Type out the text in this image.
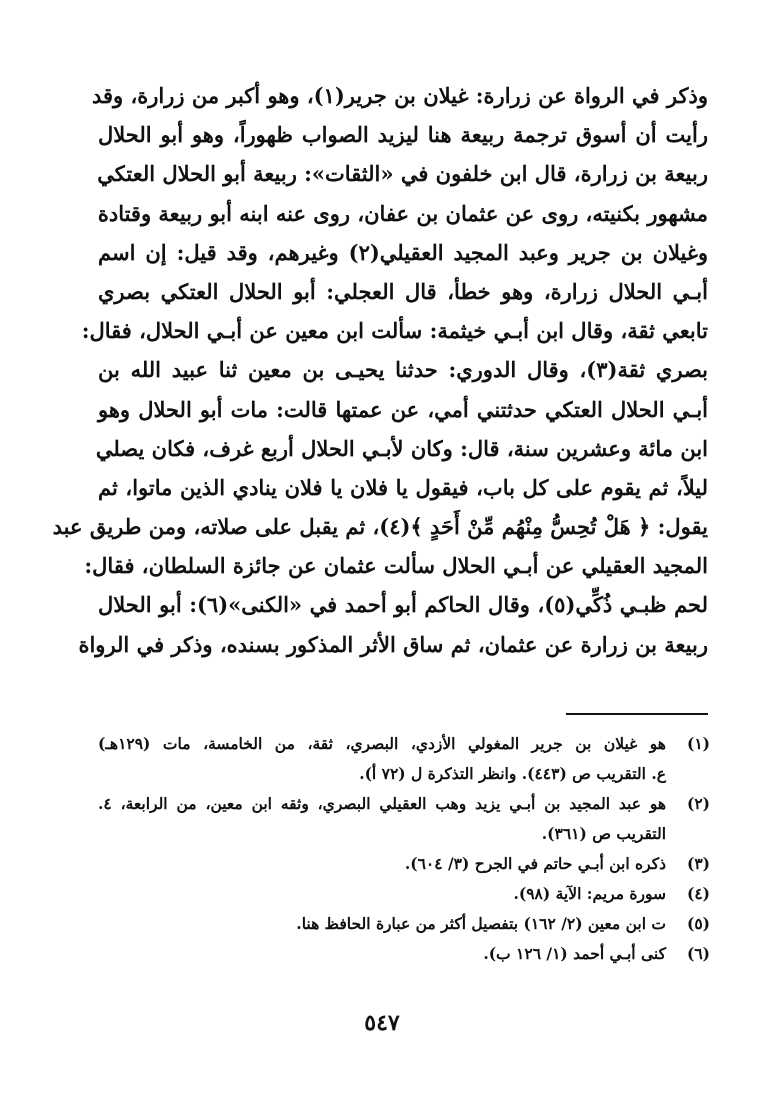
وذكر في الرواة عن زرارة: غيلان بن جرير(١)، وهو أكبر من زرارة، وقد
رأيت أن أسوق ترجمة ربيعة هنا ليزيد الصواب ظهوراً، وهو أبو الحلال
ربيعة بن زرارة، قال ابن خلفون في «الثقات»: ربيعة أبو الحلال العتكي
مشهور بكنيته، روى عن عثمان بن عفان، روى عنه ابنه أبو ربيعة وقتادة
وغيلان بن جرير وعبد المجيد العقيلي(٢) وغيرهم، وقد قيل: إن اسم
أبـي الحلال زرارة، وهو خطأ، قال العجلي: أبو الحلال العتكي بصري
تابعي ثقة، وقال ابن أبـي خيثمة: سألت ابن معين عن أبـي الحلال، فقال:
بصري ثقة(٣)، وقال الدوري: حدثنا يحيـى بن معين ثنا عبيد الله بن
أبـي الحلال العتكي حدثتني أمي، عن عمتها قالت: مات أبو الحلال وهو
ابن مائة وعشرين سنة، قال: وكان لأبـي الحلال أربع غرف، فكان يصلي
ليلاً، ثم يقوم على كل باب، فيقول يا فلان يا فلان ينادي الذين ماتوا، ثم
يقول: ﴿ هَلْ تُحِسُّ مِنْهُم مِّنْ أَحَدٍ ﴾(٤)، ثم يقبل على صلاته، ومن طريق عبد
المجيد العقيلي عن أبـي الحلال سألت عثمان عن جائزة السلطان، فقال:
لحم ظبـي ذُكِّي(٥)، وقال الحاكم أبو أحمد في «الكنى»(٦): أبو الحلال
ربيعة بن زرارة عن عثمان، ثم ساق الأثر المذكور بسنده، وذكر في الرواة
(١)
هو غيلان بن جرير المغولي الأزدي، البصري، ثقة، من الخامسة، مات (١٢٩هـ)
ع. التقريب ص (٤٤٣). وانظر التذكرة ل (٧٢ أ).
(٢)
هو عبد المجيد بن أبـي يزيد وهب العقيلي البصري، وثقه ابن معين، من الرابعة، ٤.
التقريب ص (٣٦١).
(٣)
ذكره ابن أبـي حاتم في الجرح (٣/ ٦٠٤).
(٤)
سورة مريم: الآية (٩٨).
(٥)
ت ابن معين (٢/ ١٦٢) بتفصيل أكثر من عبارة الحافظ هنا.
(٦)
كنى أبـي أحمد (١/ ١٢٦ ب).
٥٤٧
